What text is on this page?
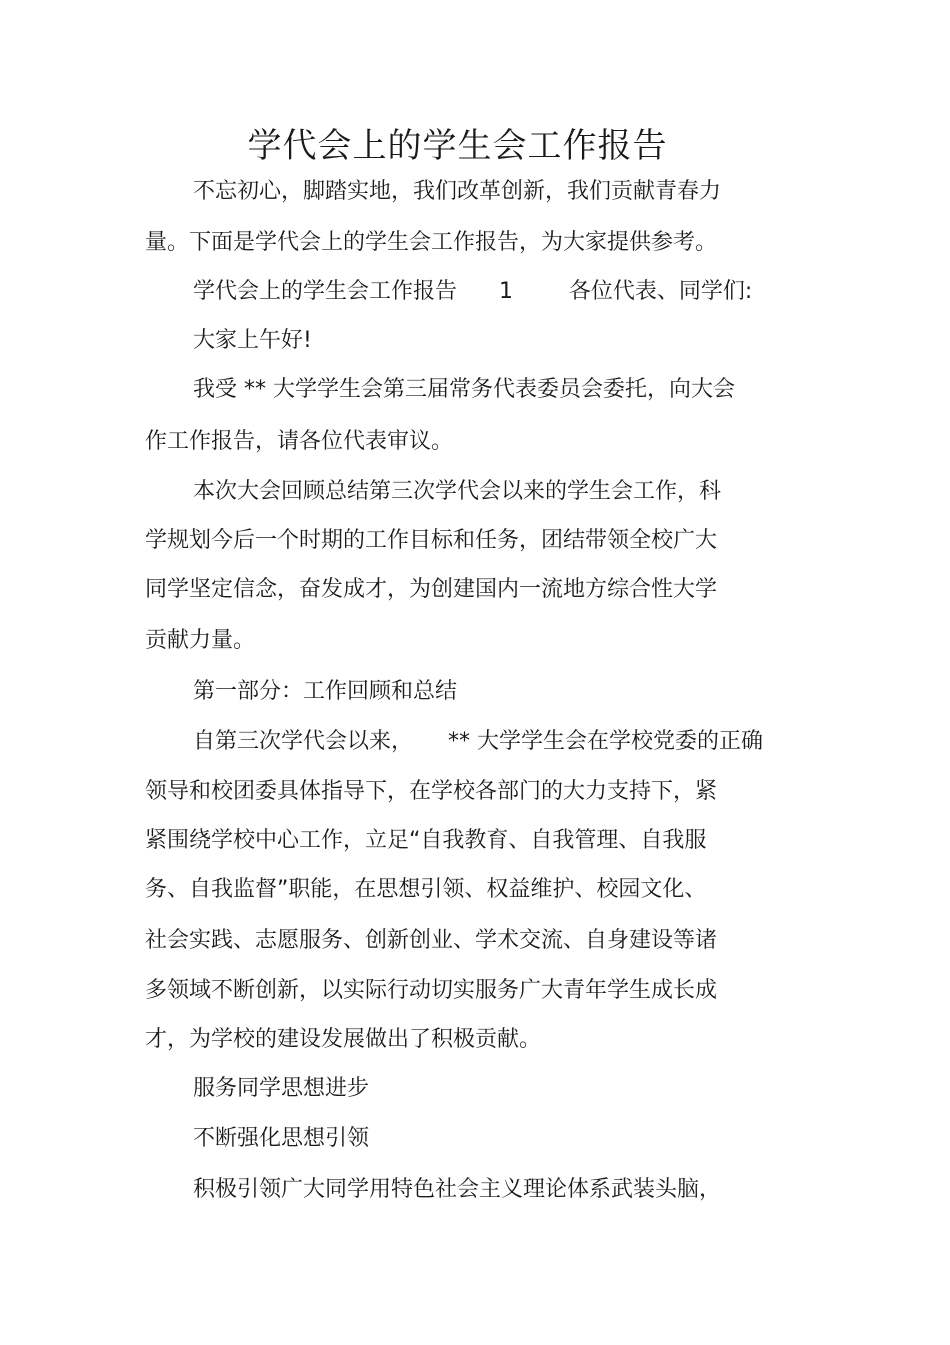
学代会上的学生会工作报告
不忘初心，脚踏实地，我们改革创新，我们贡献青春力
量。下面是学代会上的学生会工作报告，为大家提供参考。
学代会上的学生会工作报告      1        各位代表、同学们:
大家上午好!
我受 ** 大学学生会第三届常务代表委员会委托，向大会
作工作报告，请各位代表审议。
本次大会回顾总结第三次学代会以来的学生会工作，科
学规划今后一个时期的工作目标和任务，团结带领全校广大
同学坚定信念，奋发成才，为创建国内一流地方综合性大学
贡献力量。
第一部分：工作回顾和总结
自第三次学代会以来，     ** 大学学生会在学校党委的正确
领导和校团委具体指导下，在学校各部门的大力支持下，紧
紧围绕学校中心工作，立足“自我教育、自我管理、自我服
务、自我监督”职能，在思想引领、权益维护、校园文化、
社会实践、志愿服务、创新创业、学术交流、自身建设等诸
多领域不断创新，以实际行动切实服务广大青年学生成长成
才，为学校的建设发展做出了积极贡献。
服务同学思想进步
不断强化思想引领
积极引领广大同学用特色社会主义理论体系武装头脑，
